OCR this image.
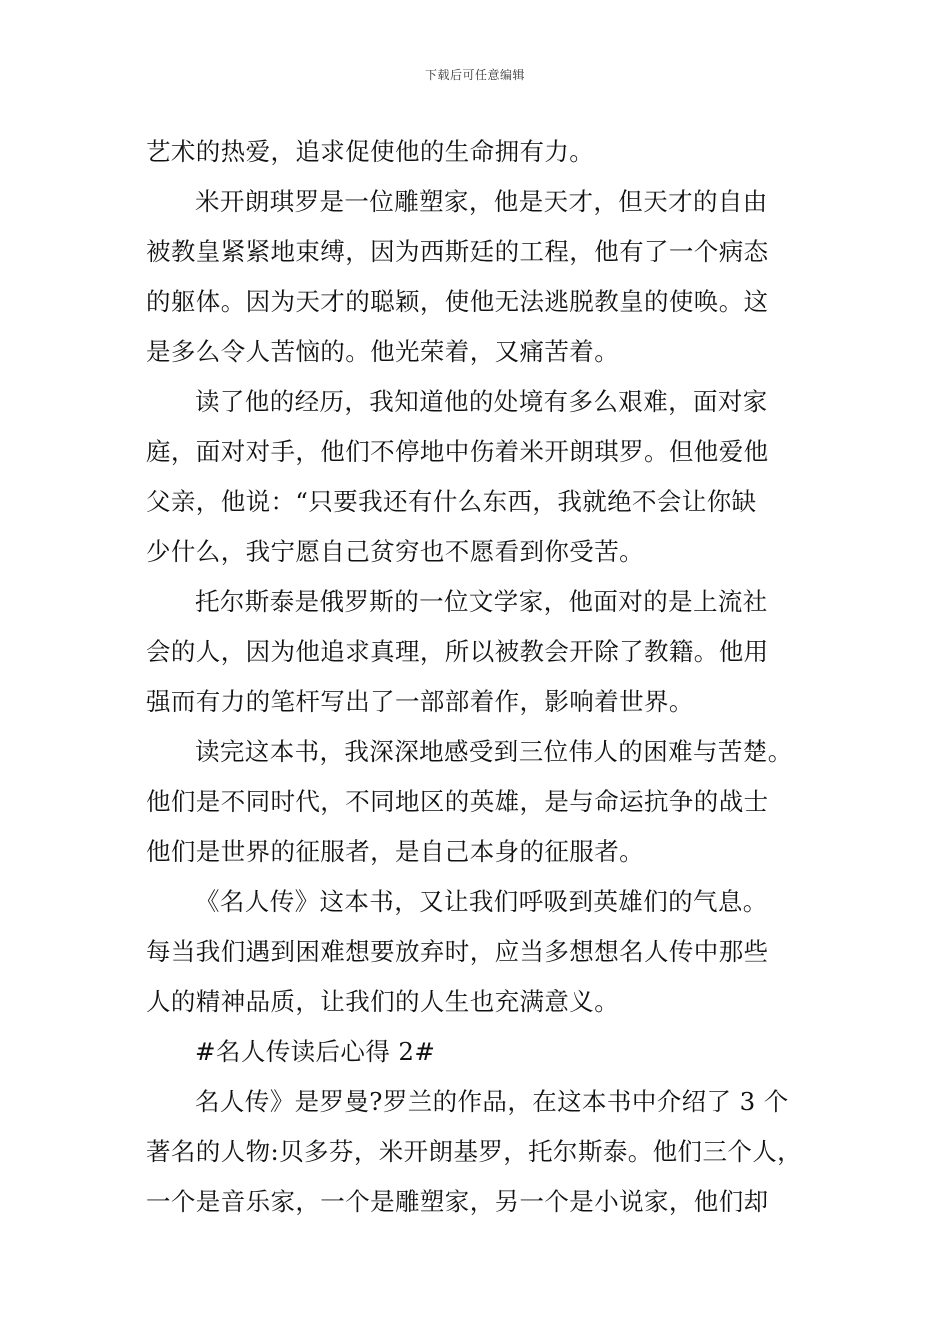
下载后可任意编辑
艺术的热爱，追求促使他的生命拥有力。
米开朗琪罗是一位雕塑家，他是天才，但天才的自由
被教皇紧紧地束缚，因为西斯廷的工程，他有了一个病态
的躯体。因为天才的聪颖，使他无法逃脱教皇的使唤。这
是多么令人苦恼的。他光荣着，又痛苦着。
读了他的经历，我知道他的处境有多么艰难，面对家
庭，面对对手，他们不停地中伤着米开朗琪罗。但他爱他
父亲，他说：“只要我还有什么东西，我就绝不会让你缺
少什么，我宁愿自己贫穷也不愿看到你受苦。
托尔斯泰是俄罗斯的一位文学家，他面对的是上流社
会的人，因为他追求真理，所以被教会开除了教籍。他用
强而有力的笔杆写出了一部部着作，影响着世界。
读完这本书，我深深地感受到三位伟人的困难与苦楚。
他们是不同时代，不同地区的英雄，是与命运抗争的战士
他们是世界的征服者，是自己本身的征服者。
《名人传》这本书，又让我们呼吸到英雄们的气息。
每当我们遇到困难想要放弃时，应当多想想名人传中那些
人的精神品质，让我们的人生也充满意义。
#名人传读后心得 2#
名人传》是罗曼?罗兰的作品，在这本书中介绍了 3 个
著名的人物:贝多芬，米开朗基罗，托尔斯泰。他们三个人，
一个是音乐家，一个是雕塑家，另一个是小说家，他们却
